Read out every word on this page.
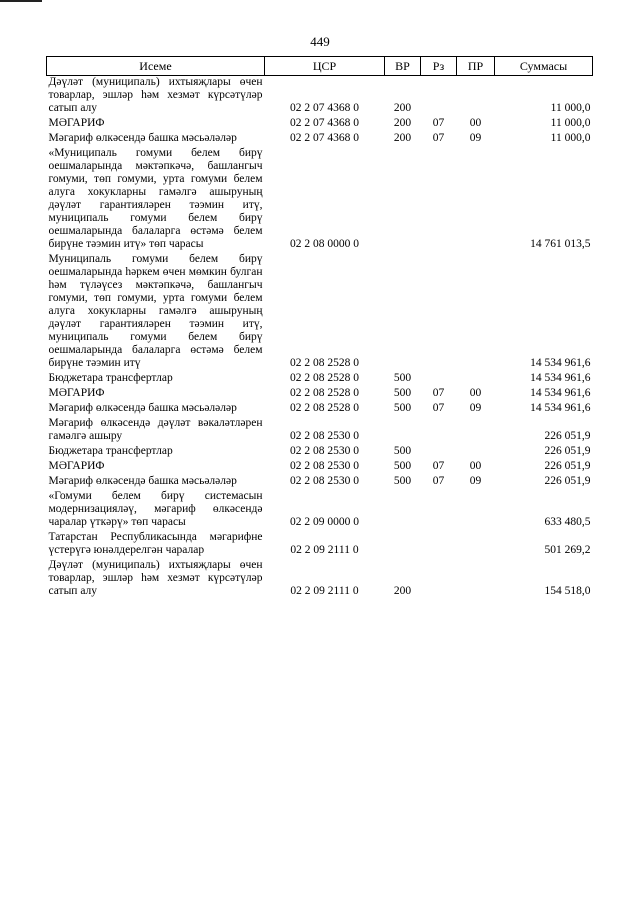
449
Исеме	ЦСР	ВР	Рз	ПР	Суммасы
Дәүләт (муниципаль) ихтыяҗлары өчен товарлар, эшләр һәм хезмәт күрсәтүләр сатып алу	02 2 07 4368 0	200			11 000,0

МӘГАРИФ	02 2 07 4368 0	200	07	00	11 000,0

Мәгариф өлкәсендә башка мәсьәләләр	02 2 07 4368 0	200	07	09	11 000,0

«Муниципаль гомуми белем бирү оешмаларында мәктәпкәчә, башлангыч гомуми, төп гомуми, урта гомуми белем алуга хокукларны гамәлгә ашыруның дәүләт гарантияләрен тәэмин итү, муниципаль гомуми белем бирү оешмаларында балаларга өстәмә белем бирүне тәэмин итү» төп чарасы	02 2 08 0000 0				14 761 013,5

Муниципаль гомуми белем бирү оешмаларында һәркем өчен мөмкин булган һәм түләүсез мәктәпкәчә, башлангыч гомуми, төп гомуми, урта гомуми белем алуга хокукларны гамәлгә ашыруның дәүләт гарантияләрен тәэмин итү, муниципаль гомуми белем бирү оешмаларында балаларга өстәмә белем бирүне тәэмин итү	02 2 08 2528 0				14 534 961,6

Бюджетара трансфертлар	02 2 08 2528 0	500			14 534 961,6

МӘГАРИФ	02 2 08 2528 0	500	07	00	14 534 961,6

Мәгариф өлкәсендә башка мәсьәләләр	02 2 08 2528 0	500	07	09	14 534 961,6

Мәгариф өлкәсендә дәүләт вәкаләтләрен гамәлгә ашыру	02 2 08 2530 0				226 051,9

Бюджетара трансфертлар	02 2 08 2530 0	500			226 051,9

МӘГАРИФ	02 2 08 2530 0	500	07	00	226 051,9

Мәгариф өлкәсендә башка мәсьәләләр	02 2 08 2530 0	500	07	09	226 051,9

«Гомуми белем бирү системасын модернизацияләү, мәгариф өлкәсендә чаралар үткәрү» төп чарасы	02 2 09 0000 0				633 480,5

Татарстан Республикасында мәгарифне үстерүгә юнәлдерелгән чаралар	02 2 09 2111 0				501 269,2

Дәүләт (муниципаль) ихтыяҗлары өчен товарлар, эшләр һәм хезмәт күрсәтүләр сатып алу	02 2 09 2111 0	200			154 518,0
